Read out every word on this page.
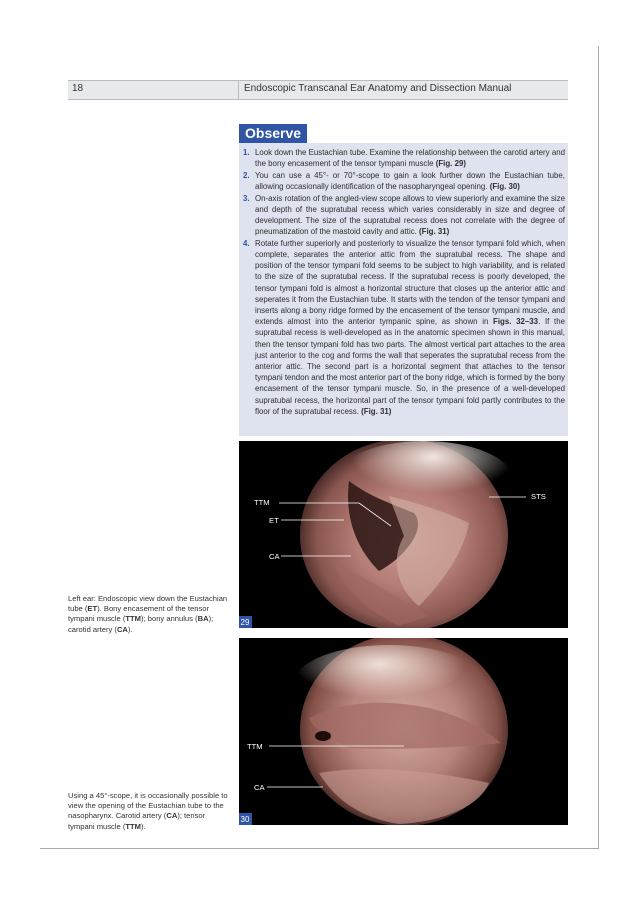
18	Endoscopic Transcanal Ear Anatomy and Dissection Manual
Observe
1. Look down the Eustachian tube. Examine the relationship between the carotid artery and the bony encasement of the tensor tympani muscle (Fig. 29)
2. You can use a 45°- or 70°-scope to gain a look further down the Eustachian tube, allowing occasionally identification of the nasopharyngeal opening. (Fig. 30)
3. On-axis rotation of the angled-view scope allows to view superiorly and examine the size and depth of the supratubal recess which varies considerably in size and degree of development. The size of the supratubal recess does not correlate with the degree of pneumatization of the mastoid cavity and attic. (Fig. 31)
4. Rotate further superiorly and posteriorly to visualize the tensor tympani fold which, when complete, separates the anterior attic from the supratubal recess. The shape and position of the tensor tympani fold seems to be subject to high variability, and is related to the size of the supratubal recess. If the supratubal recess is poorly developed, the tensor tympani fold is almost a horizontal structure that closes up the anterior attic and seperates it from the Eustachian tube. It starts with the tendon of the tensor tympani and inserts along a bony ridge formed by the encasement of the tensor tympani muscle, and extends almost into the anterior tympanic spine, as shown in Figs. 32–33. If the supratubal recess is well-developed as in the anatomic specimen shown in this manual, then the tensor tympani fold has two parts. The almost vertical part attaches to the area just anterior to the cog and forms the wall that seperates the supratubal recess from the anterior attic. The second part is a horizontal segment that attaches to the tensor tympani tendon and the most anterior part of the bony ridge, which is formed by the bony encasement of the tensor tympani muscle. So, in the presence of a well-developed supratubal recess, the horizontal part of the tensor tympani fold partly contributes to the floor of the supratubal recess. (Fig. 31)
TTM
ET
CA
STS
29
Left ear: Endoscopic view down the Eustachian tube (ET). Bony encasement of the tensor tympani muscle (TTM); bony annulus (BA); carotid artery (CA).
TTM
CA
30
Using a 45°-scope, it is occasionally possible to view the opening of the Eustachian tube to the nasopharynx. Carotid artery (CA); tensor tympani muscle (TTM).
